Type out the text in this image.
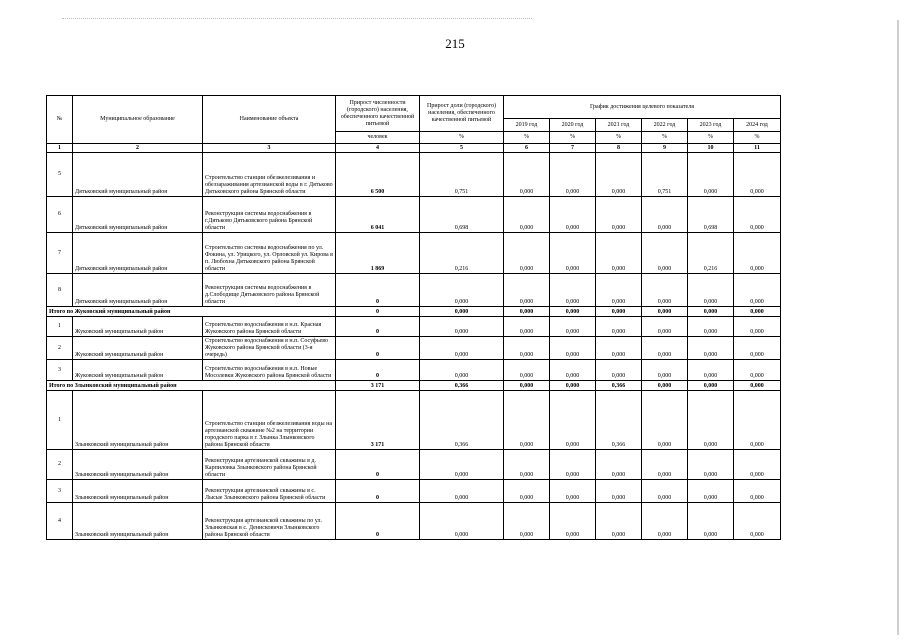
215
№	Муниципальное образование	Наименование объекта	Прирост численности (городского) населения, обеспеченного качественной питьевой	Прирост доли (городского) населения, обеспеченного качественной питьевой	График достижения целевого показателя					
					2019 год	2020 год	2021 год	2022 год	2023 год	2024 год
			человек	%	%	%	%	%	%	%
1	2	3	4	5	6	7	8	9	10	11
5	Дятьковский муниципальный район	Строительство станции обезжелезивания и обеззараживания артезианской воды в г. Дятьково Дятьковского района Брянской области	6 500	0,751	0,000	0,000	0,000	0,751	0,000	0,000
6	Дятьковский муниципальный район	Реконструкция системы водоснабжения в г.Дятьково Дятьковского района Брянской области	6 041	0,698	0,000	0,000	0,000	0,000	0,698	0,000
7	Дятьковский муниципальный район	Строительство системы водоснабжения по ул. Фокина, ул. Урицкого, ул. Орловской ул. Кирова в п. Любохна Дятьковского района Брянской области	1 869	0,216	0,000	0,000	0,000	0,000	0,216	0,000
8	Дятьковский муниципальный район	Реконструкция системы водоснабжения в д.Слободище Дятьковского района Брянской области	0	0,000	0,000	0,000	0,000	0,000	0,000	0,000
Итого по Жуковский муниципальный район			0	0,000	0,000	0,000	0,000	0,000	0,000	0,000
1	Жуковский муниципальный район	Строительство водоснабжения в н.п. Красная Жуковского района Брянской области	0	0,000	0,000	0,000	0,000	0,000	0,000	0,000
2	Жуковский муниципальный район	Строительство водоснабжения в н.п. Сосуфьево Жуковского района Брянской области (3-я очередь)	0	0,000	0,000	0,000	0,000	0,000	0,000	0,000
3	Жуковский муниципальный район	Строительство водоснабжения в н.п. Новые Мосолевки Жуковского района Брянской области	0	0,000	0,000	0,000	0,000	0,000	0,000	0,000
Итого по Злынковский муниципальный район			3 171	0,366	0,000	0,000	0,366	0,000	0,000	0,000
1	Злынковский муниципальный район	Строительство станции обезжелезивания воды на артезианской скважине №2 на территории городского парка в г. Злынка Злынковского района Брянской области	3 171	0,366	0,000	0,000	0,366	0,000	0,000	0,000
2	Злынковский муниципальный район	Реконструкция артезианской скважины в д. Карпиловка Злынковского района Брянской области	0	0,000	0,000	0,000	0,000	0,000	0,000	0,000
3	Злынковский муниципальный район	Реконструкция артезианской скважины в с. Лысые Злынковского района Брянской области	0	0,000	0,000	0,000	0,000	0,000	0,000	0,000
4	Злынковский муниципальный район	Реконструкция артезианской скважины по ул. Злынковская в с. Денисковичи Злынковского района Брянской области	0	0,000	0,000	0,000	0,000	0,000	0,000	0,000
